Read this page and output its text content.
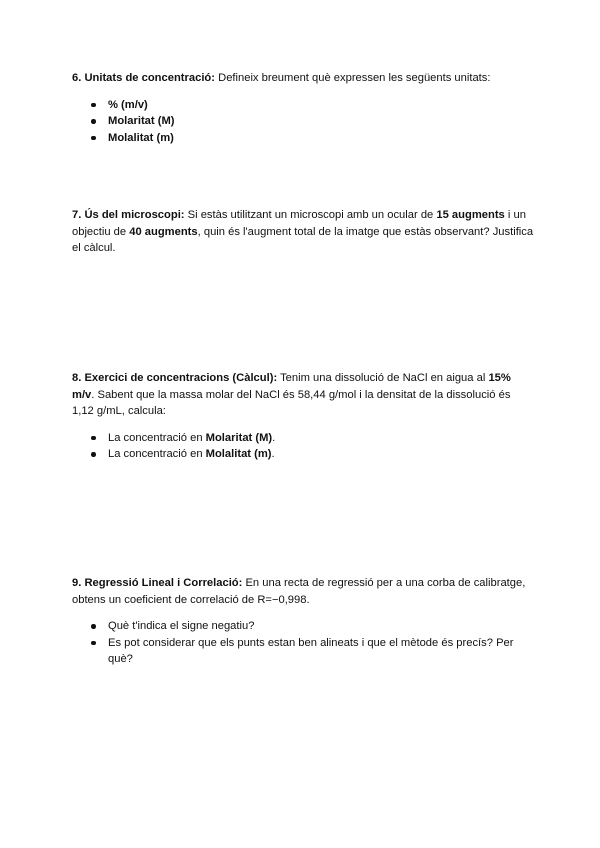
6. Unitats de concentració: Defineix breument què expressen les següents unitats:

% (m/v)
Molaritat (M)
Molalitat (m)

7. Ús del microscopi: Si estàs utilitzant un microscopi amb un ocular de 15 augments i un objectiu de 40 augments, quin és l'augment total de la imatge que estàs observant? Justifica el càlcul.

8. Exercici de concentracions (Càlcul): Tenim una dissolució de NaCl en aigua al 15% m/v. Sabent que la massa molar del NaCl és 58,44 g/mol i la densitat de la dissolució és 1,12 g/mL, calcula:

La concentració en Molaritat (M).
La concentració en Molalitat (m).

9. Regressió Lineal i Correlació: En una recta de regressió per a una corba de calibratge, obtens un coeficient de correlació de R=−0,998.

Què t'indica el signe negatiu?
Es pot considerar que els punts estan ben alineats i que el mètode és precís? Per què?
